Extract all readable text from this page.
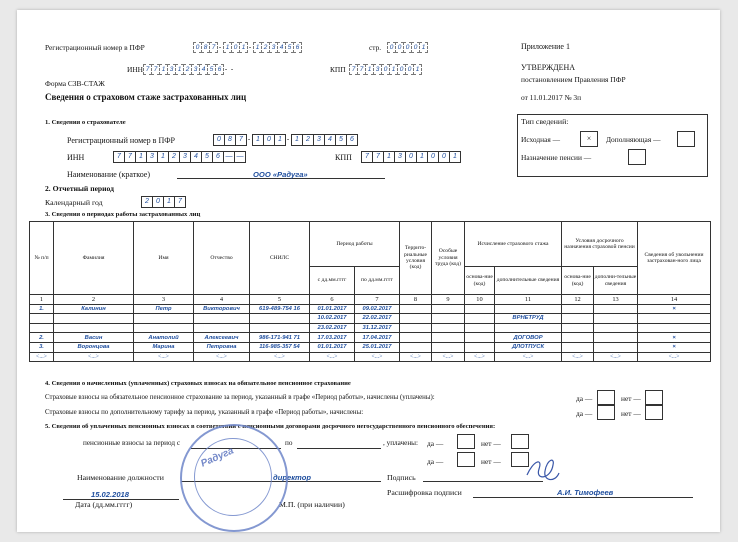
Регистрационный номер в ПФР	0 8 7 - 1 0 1 - 1 2 3 4 5 6	стр.	0 0 0 0 1	Приложение 1
ИНН 7 7 1 3 1 2 3 4 5 6 - -	КПП 7 7 1 3 0 1 0 0 1	УТВЕРЖДЕНА
постановлением Правления ПФР
от 11.01.2017 № 3п
Форма СЗВ-СТАЖ
Сведения о страховом стаже застрахованных лиц
1. Сведения о страхователе
Регистрационный номер в ПФР	0	8	7 - 1	0	1 - 1	2	3	4	5	6
ИНН	7	7	1	3	1	2	3	4	5	6 — —	КПП	7	7	1	3	0	1	0	0	1
Наименование (краткое)	ООО «Радуга»
Тип сведений:
Исходная —	×	Дополняющая —
Назначение пенсии —
2. Отчетный период
Календарный год	2	0	1	7
3. Сведения о периодах работы застрахованных лиц
№ п/п	Фамилия	Имя	Отчество	СНИЛС	Период работы		Террито-риальные условия (код)	Особые условия труда (код)	Исчисление страхового стажа		Условия досрочного назначения страховой пенсии		Сведения об увольнении застрахован-ного лица
					с дд.мм.гггг	по дд.мм.гггг			основа-ние (код)	дополнительные сведения	основа-ние (код)	дополни-тельные сведения	
1	2	3	4	5	6	7	8	9	10	11	12	13	14
1.	Калинин	Петр	Викторович	619-489-754 16	01.01.2017	09.02.2017							×
					10.02.2017	22.02.2017				ВРНЕТРУД			
					23.02.2017	31.12.2017							
2.	Васин	Анатолий	Алексеевич	986-171-941 71	17.03.2017	17.04.2017				ДОГОВОР			×
3.	Воронцова	Марина	Петровна	116-985-357 54	01.01.2017	25.01.2017				ДЛОТПУСК			×
<...>	<...>	<...>	<...>	<...>	<...>	<...>	<...>	<...>	<...>	<...>	<...>	<...>	<...>
4. Сведения о начисленных (уплаченных) страховых взносах на обязательное пенсионное страхование
Страховые взносы на обязательное пенсионное страхование за период, указанный в графе «Период работы», начислены (уплачены):
Страховые взносы по дополнительному тарифу за период, указанный в графе «Период работы», начислены:
да —	нет —
да —	нет —
5. Сведения об уплаченных пенсионных взносах в соответствии с пенсионными договорами досрочного негосударственного пенсионного обеспечения:
пенсионные взносы за период с	по	, уплачены: да —	нет —
да —	нет —
Наименование должности	директор	Подпись
Расшифровка подписи	А.И. Тимофеев
15.02.2018
Дата (дд.мм.гггг)	М.П. (при наличии)
Радуга
